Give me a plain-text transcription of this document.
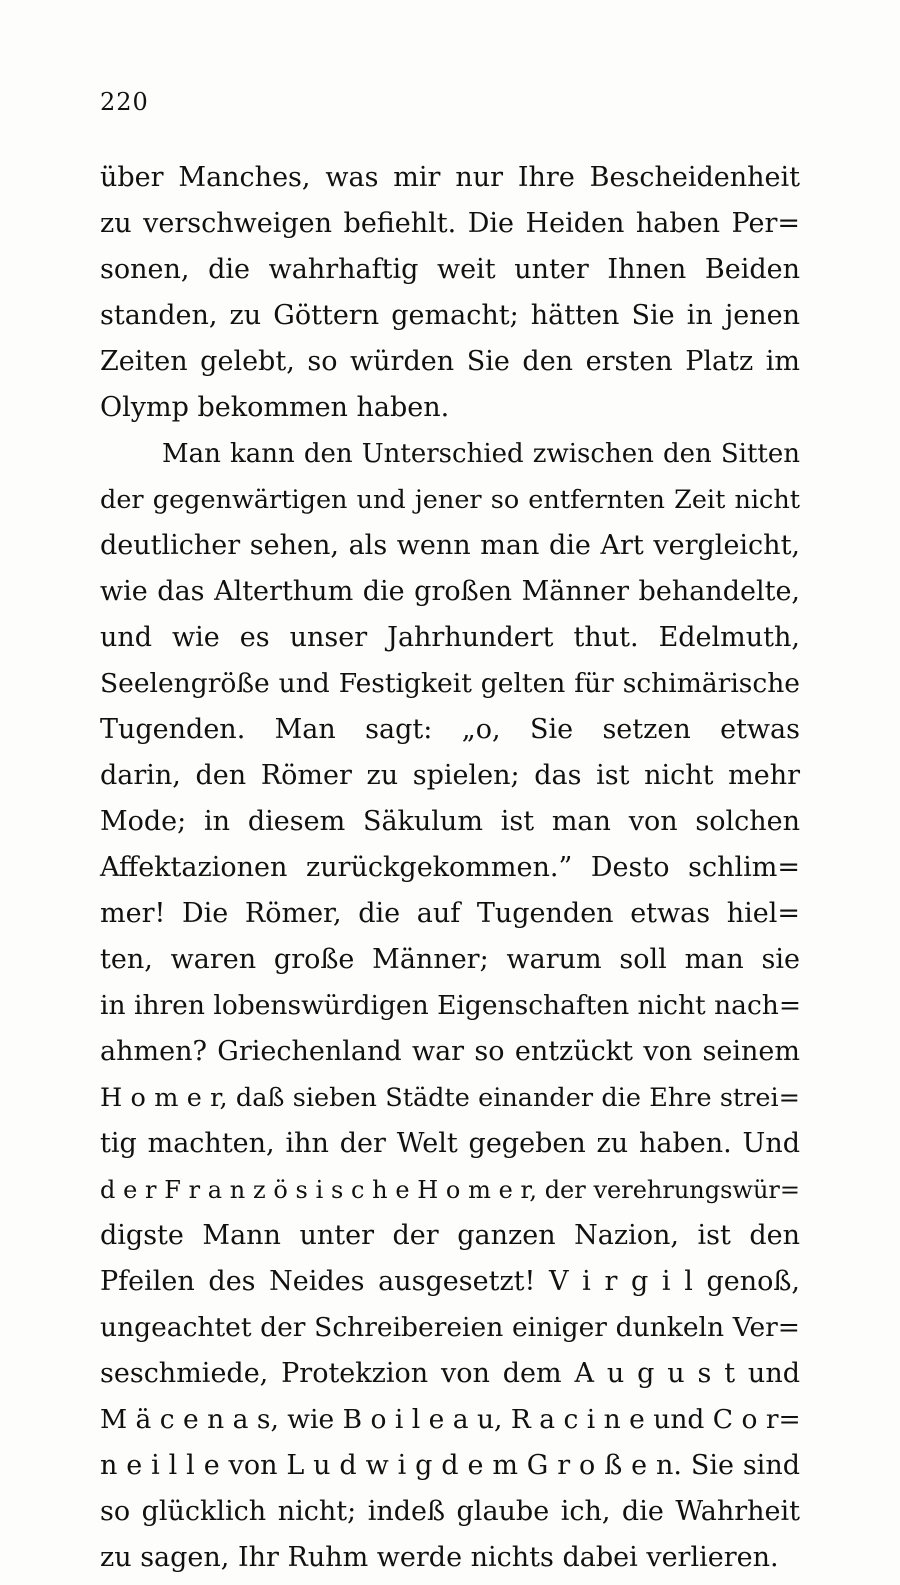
220
über Manches, was mir nur Ihre Bescheidenheit
zu verschweigen befiehlt. Die Heiden haben Per=
sonen, die wahrhaftig weit unter Ihnen Beiden
standen, zu Göttern gemacht; hätten Sie in jenen
Zeiten gelebt, so würden Sie den ersten Platz im
Olymp bekommen haben.
Man kann den Unterschied zwischen den Sitten
der gegenwärtigen und jener so entfernten Zeit nicht
deutlicher sehen, als wenn man die Art vergleicht,
wie das Alterthum die großen Männer behandelte,
und wie es unser Jahrhundert thut. Edelmuth,
Seelengröße und Festigkeit gelten für schimärische
Tugenden. Man sagt: „o, Sie setzen etwas
darin, den Römer zu spielen; das ist nicht mehr
Mode; in diesem Säkulum ist man von solchen
Affektazionen zurückgekommen.” Desto schlim=
mer! Die Römer, die auf Tugenden etwas hiel=
ten, waren große Männer; warum soll man sie
in ihren lobenswürdigen Eigenschaften nicht nach=
ahmen? Griechenland war so entzückt von seinem
H o m e r, daß sieben Städte einander die Ehre strei=
tig machten, ihn der Welt gegeben zu haben. Und
d e r F r a n z ö s i s c h e H o m e r, der verehrungswür=
digste Mann unter der ganzen Nazion, ist den
Pfeilen des Neides ausgesetzt! V i r g i l genoß,
ungeachtet der Schreibereien einiger dunkeln Ver=
seschmiede, Protekzion von dem A u g u s t und
M ä c e n a s, wie B o i l e a u, R a c i n e und C o r=
n e i l l e von L u d w i g d e m G r o ß e n. Sie sind
so glücklich nicht; indeß glaube ich, die Wahrheit
zu sagen, Ihr Ruhm werde nichts dabei verlieren.
